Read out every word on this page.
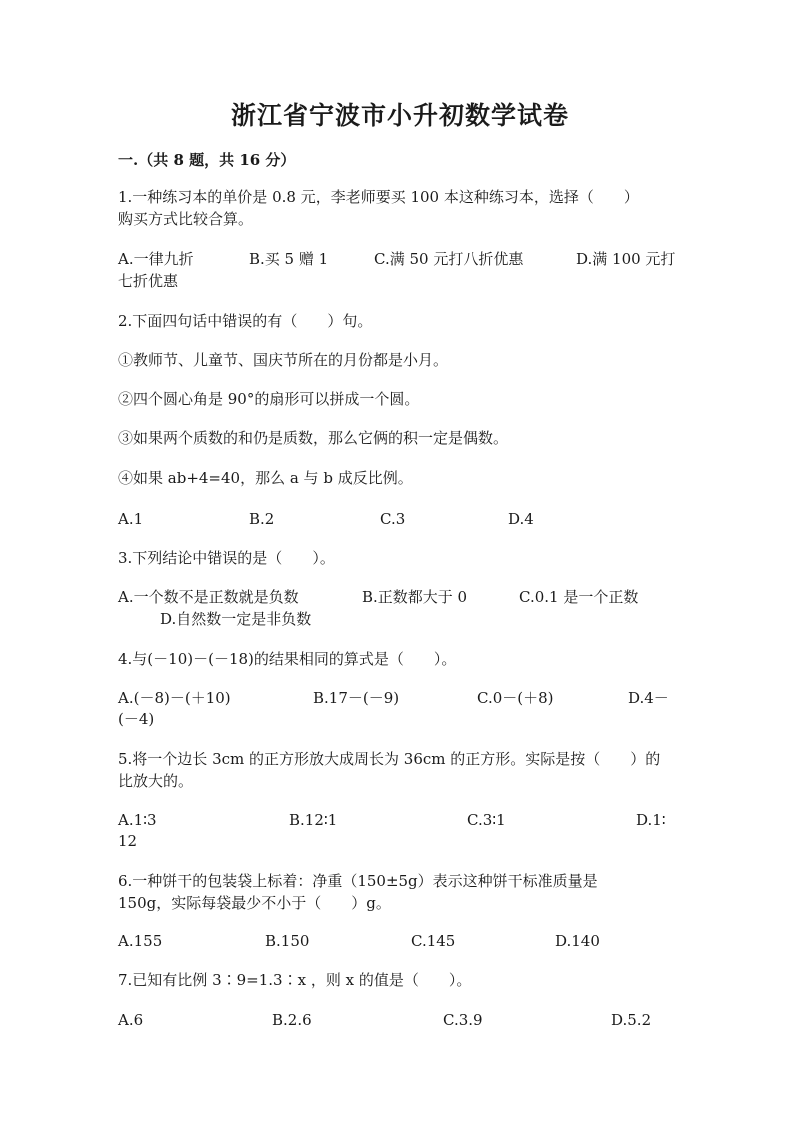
浙江省宁波市小升初数学试卷
一.（共 8 题，共 16 分）
1.一种练习本的单价是 0.8 元，李老师要买 100 本这种练习本，选择（　　）
购买方式比较合算。
A.一律九折	B.买 5 赠 1	C.满 50 元打八折优惠	D.满 100 元打
七折优惠
2.下面四句话中错误的有（　　）句。
①教师节、儿童节、国庆节所在的月份都是小月。
②四个圆心角是 90°的扇形可以拼成一个圆。
③如果两个质数的和仍是质数，那么它俩的积一定是偶数。
④如果 ab+4=40，那么 a 与 b 成反比例。
A.1	B.2	C.3	D.4
3.下列结论中错误的是（　　）。
A.一个数不是正数就是负数	B.正数都大于 0	C.0.1 是一个正数
D.自然数一定是非负数
4.与(－10)－(－18)的结果相同的算式是（　　）。
A.(－8)－(＋10)	B.17－(－9)	C.0－(＋8)	D.4－
(－4)
5.将一个边长 3cm 的正方形放大成周长为 36cm 的正方形。实际是按（　　）的
比放大的。
A.1∶3	B.12∶1	C.3∶1	D.1∶
12
6.一种饼干的包装袋上标着：净重（150±5g）表示这种饼干标准质量是
150g，实际每袋最少不小于（　　）g。
A.155	B.150	C.145	D.140
7.已知有比例 3∶9=1.3∶x ，则 x 的值是（　　）。
A.6	B.2.6	C.3.9	D.5.2
